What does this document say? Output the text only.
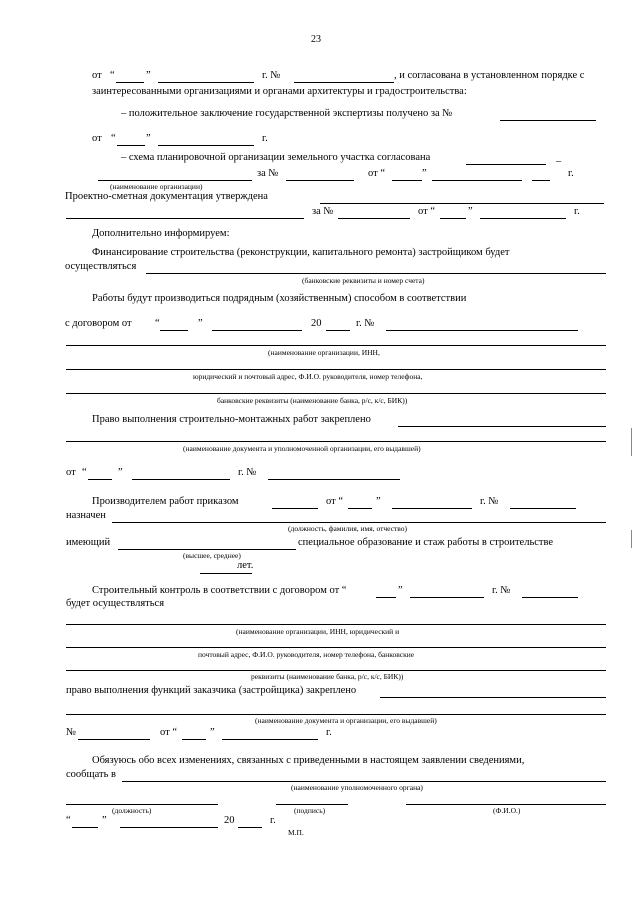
23
от “	”	г. №	, и согласована в установленном порядке с
заинтересованными организациями и органами архитектуры и градостроительства:
– положительное заключение государственной экспертизы получено за №
от “	”	г.
– схема планировочной организации земельного участка согласована	_
за №	от “	”	г.
(наименование организации)
Проектно-сметная документация утверждена
за №	от “	”	г.
Дополнительно информируем:
Финансирование строительства (реконструкции, капитального ремонта) застройщиком будет
осуществляться
(банковские реквизиты и номер счета)
Работы будут производиться подрядным (хозяйственным) способом в соответствии
с договором от “	”	20	г. №
(наименование организации, ИНН,
юридический и почтовый адрес, Ф.И.О. руководителя, номер телефона,
банковские реквизиты (наименование банка, р/с, к/с, БИК))
Право выполнения строительно-монтажных работ закреплено
(наименование документа и уполномоченной организации, его выдавшей)
от “	”	г. №
Производителем работ приказом	от “	”	г. №
назначен
(должность, фамилия, имя, отчество)
имеющий	специальное образование и стаж работы в строительстве
(высшее, среднее)
лет.
Строительный контроль в соответствии с договором от “	”	г. №
будет осуществляться
(наименование организации, ИНН, юридический и
почтовый адрес, Ф.И.О. руководителя, номер телефона, банковские
реквизиты (наименование банка, р/с, к/с, БИК))
право выполнения функций заказчика (застройщика) закреплено
(наименование документа и организации, его выдавшей)
№	от “	”	г.
Обязуюсь обо всех изменениях, связанных с приведенными в настоящем заявлении сведениями,
сообщать в
(наименование уполномоченного органа)
(должность)	(подпись)	(Ф.И.О.)
“	”	20	г.
М.П.
